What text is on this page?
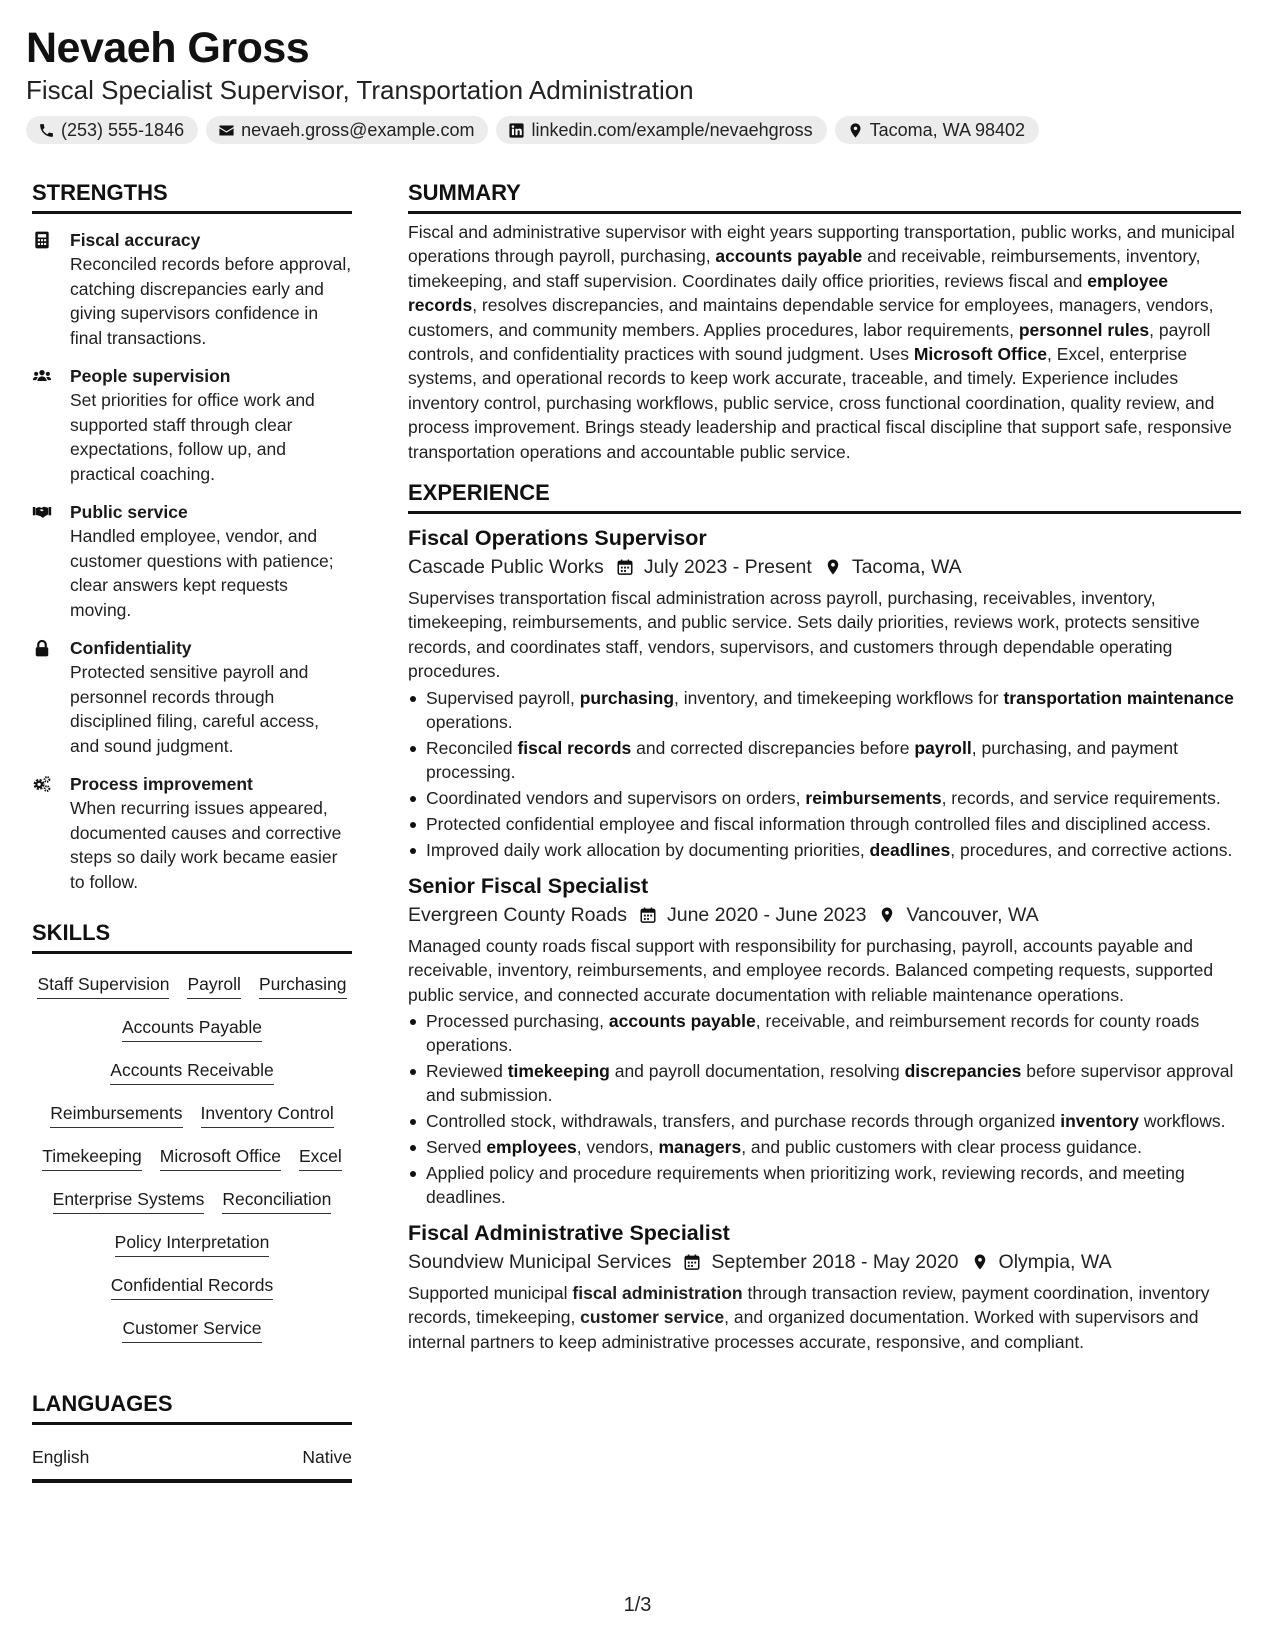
Nevaeh Gross
Fiscal Specialist Supervisor, Transportation Administration
(253) 555-1846	nevaeh.gross@example.com	linkedin.com/example/nevaehgross	Tacoma, WA 98402
STRENGTHS
Fiscal accuracy
Reconciled records before approval, catching discrepancies early and giving supervisors confidence in final transactions.
People supervision
Set priorities for office work and supported staff through clear expectations, follow up, and practical coaching.
Public service
Handled employee, vendor, and customer questions with patience; clear answers kept requests moving.
Confidentiality
Protected sensitive payroll and personnel records through disciplined filing, careful access, and sound judgment.
Process improvement
When recurring issues appeared, documented causes and corrective steps so daily work became easier to follow.
SKILLS
Staff Supervision Payroll Purchasing
Accounts Payable
Accounts Receivable
Reimbursements Inventory Control
Timekeeping Microsoft Office Excel
Enterprise Systems Reconciliation
Policy Interpretation
Confidential Records
Customer Service
LANGUAGES
English	Native
SUMMARY

Fiscal and administrative supervisor with eight years supporting transportation, public works, and municipal operations through payroll, purchasing, accounts payable and receivable, reimbursements, inventory, timekeeping, and staff supervision. Coordinates daily office priorities, reviews fiscal and employee records, resolves discrepancies, and maintains dependable service for employees, managers, vendors, customers, and community members. Applies procedures, labor requirements, personnel rules, payroll controls, and confidentiality practices with sound judgment. Uses Microsoft Office, Excel, enterprise systems, and operational records to keep work accurate, traceable, and timely. Experience includes inventory control, purchasing workflows, public service, cross functional coordination, quality review, and process improvement. Brings steady leadership and practical fiscal discipline that support safe, responsive transportation operations and accountable public service.

EXPERIENCE
Fiscal Operations Supervisor
Cascade Public Works July 2023 - Present Tacoma, WA

Supervises transportation fiscal administration across payroll, purchasing, receivables, inventory, timekeeping, reimbursements, and public service. Sets daily priorities, reviews work, protects sensitive records, and coordinates staff, vendors, supervisors, and customers through dependable operating procedures.

Supervised payroll, purchasing, inventory, and timekeeping workflows for transportation maintenance operations.
Reconciled fiscal records and corrected discrepancies before payroll, purchasing, and payment processing.
Coordinated vendors and supervisors on orders, reimbursements, records, and service requirements.
Protected confidential employee and fiscal information through controlled files and disciplined access.
Improved daily work allocation by documenting priorities, deadlines, procedures, and corrective actions.
Senior Fiscal Specialist
Evergreen County Roads June 2020 - June 2023 Vancouver, WA

Managed county roads fiscal support with responsibility for purchasing, payroll, accounts payable and receivable, inventory, reimbursements, and employee records. Balanced competing requests, supported public service, and connected accurate documentation with reliable maintenance operations.

Processed purchasing, accounts payable, receivable, and reimbursement records for county roads operations.
Reviewed timekeeping and payroll documentation, resolving discrepancies before supervisor approval and submission.
Controlled stock, withdrawals, transfers, and purchase records through organized inventory workflows.
Served employees, vendors, managers, and public customers with clear process guidance.
Applied policy and procedure requirements when prioritizing work, reviewing records, and meeting deadlines.
Fiscal Administrative Specialist
Soundview Municipal Services September 2018 - May 2020 Olympia, WA

Supported municipal fiscal administration through transaction review, payment coordination, inventory records, timekeeping, customer service, and organized documentation. Worked with supervisors and internal partners to keep administrative processes accurate, responsive, and compliant.

1/3
